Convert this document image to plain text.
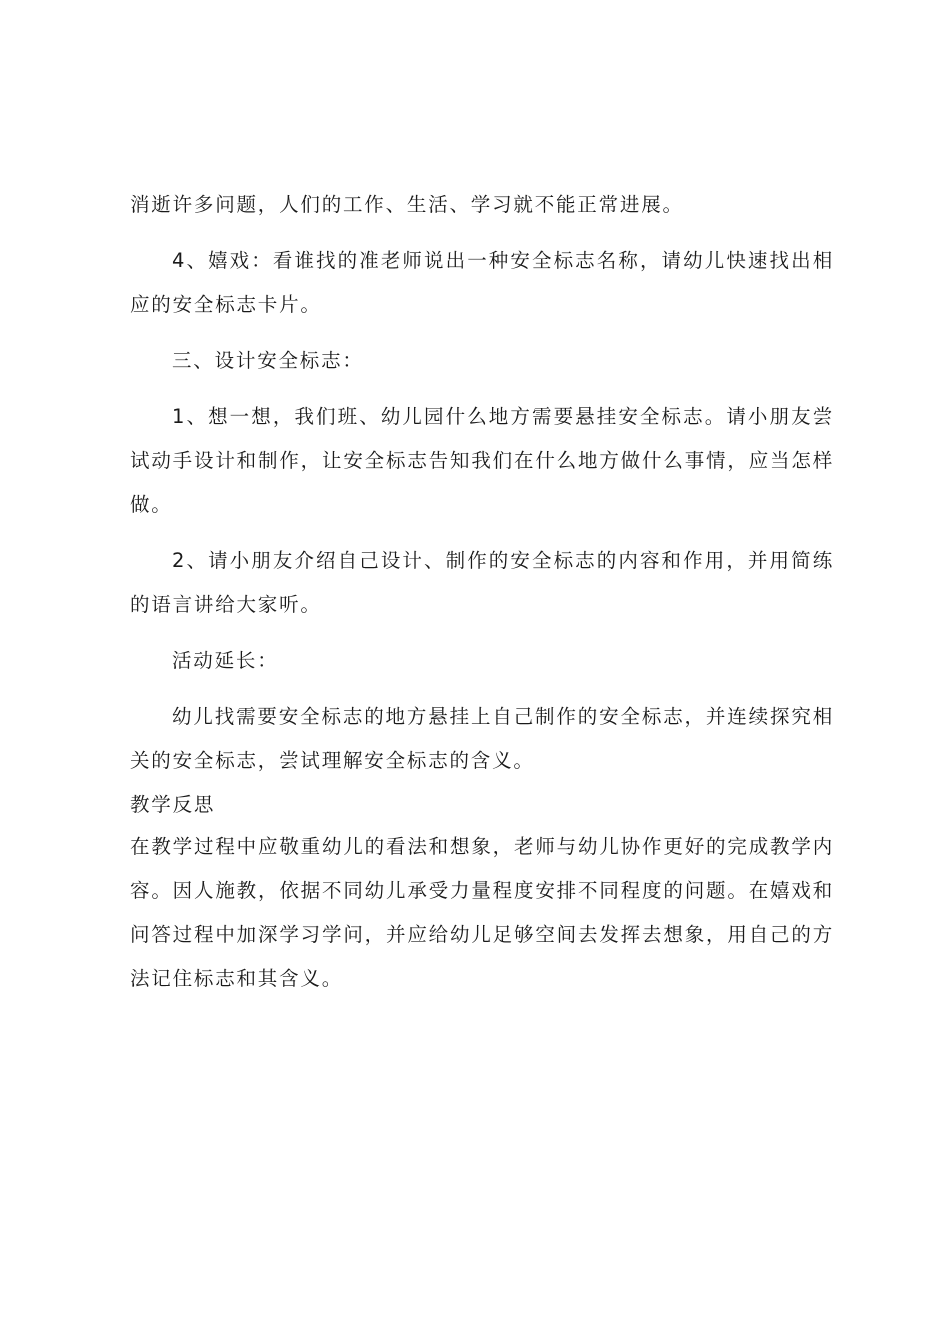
消逝许多问题，人们的工作、生活、学习就不能正常进展。

4、嬉戏：看谁找的准老师说出一种安全标志名称，请幼儿快速找出相应的安全标志卡片。

三、设计安全标志：

1、想一想，我们班、幼儿园什么地方需要悬挂安全标志。请小朋友尝试动手设计和制作，让安全标志告知我们在什么地方做什么事情，应当怎样做。

2、请小朋友介绍自己设计、制作的安全标志的内容和作用，并用简练的语言讲给大家听。

活动延长：

幼儿找需要安全标志的地方悬挂上自己制作的安全标志，并连续探究相关的安全标志，尝试理解安全标志的含义。

教学反思

在教学过程中应敬重幼儿的看法和想象，老师与幼儿协作更好的完成教学内容。因人施教，依据不同幼儿承受力量程度安排不同程度的问题。在嬉戏和问答过程中加深学习学问，并应给幼儿足够空间去发挥去想象，用自己的方法记住标志和其含义。
